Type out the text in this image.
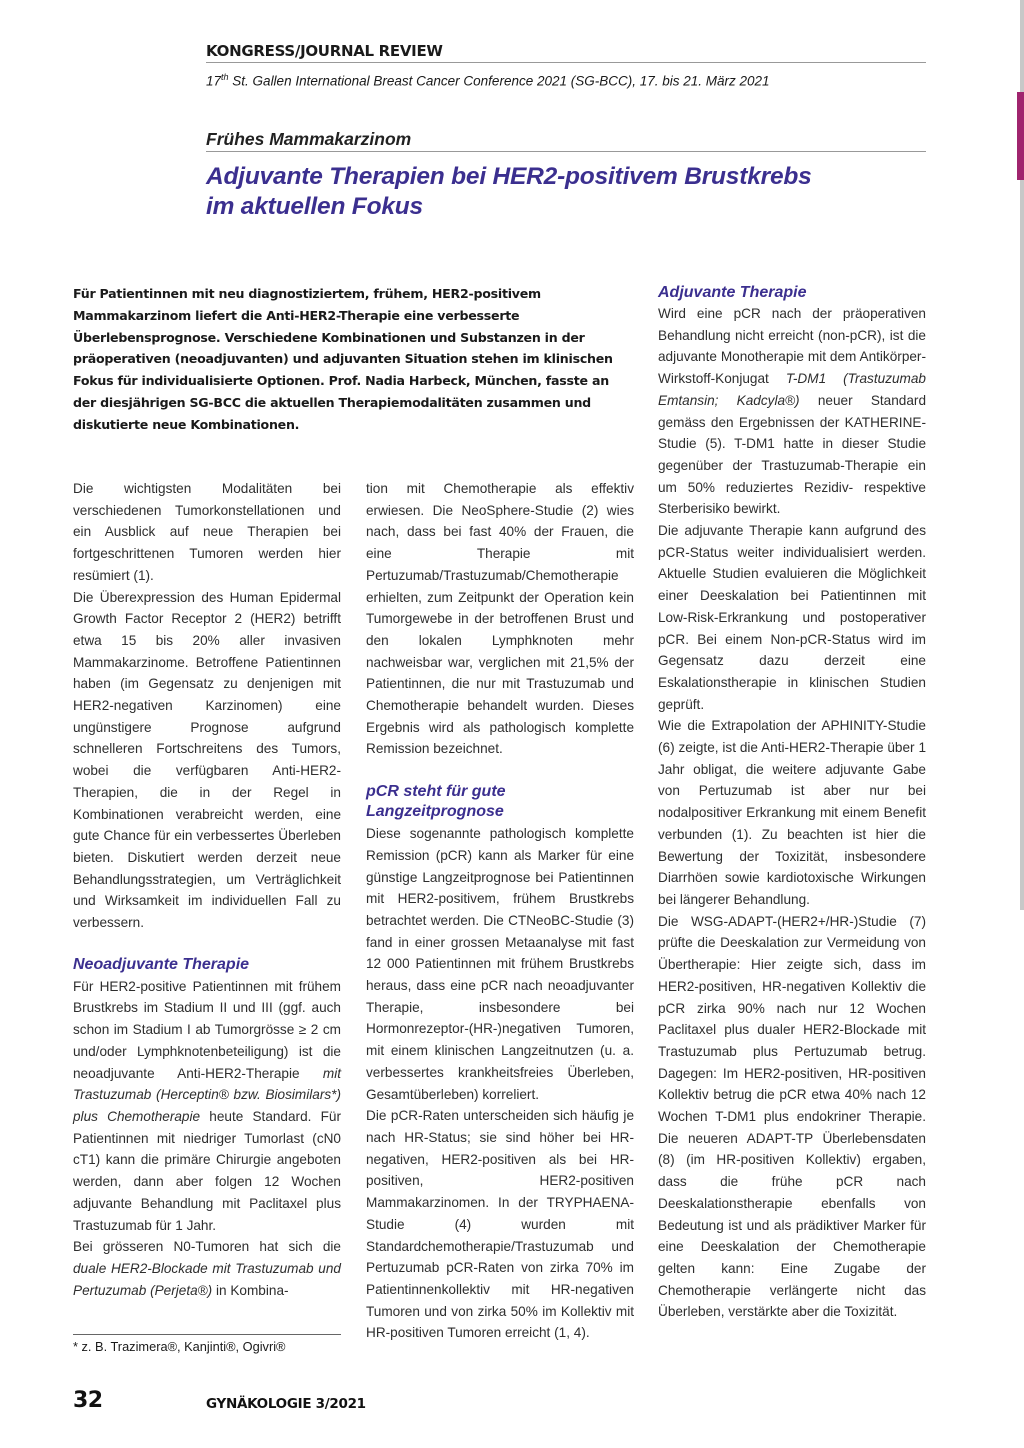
KONGRESS/JOURNAL REVIEW
17th St. Gallen International Breast Cancer Conference 2021 (SG-BCC), 17. bis 21. März 2021
Frühes Mammakarzinom
Adjuvante Therapien bei HER2-positivem Brustkrebs
im aktuellen Fokus
Für Patientinnen mit neu diagnostiziertem, frühem, HER2-positivem Mammakarzinom liefert die Anti-HER2-Therapie eine verbesserte Überlebensprognose. Verschiedene Kombinationen und Substanzen in der präoperativen (neoadjuvanten) und adjuvanten Situation stehen im klinischen Fokus für individualisierte Optionen. Prof. Nadia Harbeck, München, fasste an der diesjährigen SG-BCC die aktuellen Therapiemodalitäten zusammen und diskutierte neue Kombinationen.

Die wichtigsten Modalitäten bei verschiedenen Tumorkonstellationen und ein Ausblick auf neue Therapien bei fortgeschrittenen Tumoren werden hier resümiert (1).

Die Überexpression des Human Epidermal Growth Factor Receptor 2 (HER2) betrifft etwa 15 bis 20% aller invasiven Mammakarzinome. Betroffene Patientinnen haben (im Gegensatz zu denjenigen mit HER2-negativen Karzinomen) eine ungünstigere Prognose aufgrund schnelleren Fortschreitens des Tumors, wobei die verfügbaren Anti-HER2-Therapien, die in der Regel in Kombinationen verabreicht werden, eine gute Chance für ein verbessertes Überleben bieten. Diskutiert werden derzeit neue Behandlungsstrategien, um Verträglichkeit und Wirksamkeit im individuellen Fall zu verbessern.

Neoadjuvante Therapie

Für HER2-positive Patientinnen mit frühem Brustkrebs im Stadium II und III (ggf. auch schon im Stadium I ab Tumorgrösse ≥ 2 cm und/oder Lymphknotenbeteiligung) ist die neoadjuvante Anti-HER2-Therapie mit Trastuzumab (Herceptin® bzw. Biosimilars*) plus Chemotherapie heute Standard. Für Patientinnen mit niedriger Tumorlast (cN0 cT1) kann die primäre Chirurgie angeboten werden, dann aber folgen 12 Wochen adjuvante Behandlung mit Paclitaxel plus Trastuzumab für 1 Jahr.

Bei grösseren N0-Tumoren hat sich die duale HER2-Blockade mit Trastuzumab und Pertuzumab (Perjeta®) in Kombina-

tion mit Chemotherapie als effektiv erwiesen. Die NeoSphere-Studie (2) wies nach, dass bei fast 40% der Frauen, die eine Therapie mit Pertuzumab/Trastuzumab/Chemotherapie erhielten, zum Zeitpunkt der Operation kein Tumorgewebe in der betroffenen Brust und den lokalen Lymphknoten mehr nachweisbar war, verglichen mit 21,5% der Patientinnen, die nur mit Trastuzumab und Chemotherapie behandelt wurden. Dieses Ergebnis wird als pathologisch komplette Remission bezeichnet.

pCR steht für gute Langzeitprognose

Diese sogenannte pathologisch komplette Remission (pCR) kann als Marker für eine günstige Langzeitprognose bei Patientinnen mit HER2-positivem, frühem Brustkrebs betrachtet werden. Die CTNeoBC-Studie (3) fand in einer grossen Metaanalyse mit fast 12 000 Patientinnen mit frühem Brustkrebs heraus, dass eine pCR nach neoadjuvanter Therapie, insbesondere bei Hormonrezeptor-(HR-)negativen Tumoren, mit einem klinischen Langzeitnutzen (u. a. verbessertes krankheitsfreies Überleben, Gesamtüberleben) korreliert.

Die pCR-Raten unterscheiden sich häufig je nach HR-Status; sie sind höher bei HR-negativen, HER2-positiven als bei HR-positiven, HER2-positiven Mammakarzinomen. In der TRYPHAENA-Studie (4) wurden mit Standardchemotherapie/Trastuzumab und Pertuzumab pCR-Raten von zirka 70% im Patientinnenkollektiv mit HR-negativen Tumoren und von zirka 50% im Kollektiv mit HR-positiven Tumoren erreicht (1, 4).

Adjuvante Therapie

Wird eine pCR nach der präoperativen Behandlung nicht erreicht (non-pCR), ist die adjuvante Monotherapie mit dem Antikörper-Wirkstoff-Konjugat T-DM1 (Trastuzumab Emtansin; Kadcyla®) neuer Standard gemäss den Ergebnissen der KATHERINE-Studie (5). T-DM1 hatte in dieser Studie gegenüber der Trastuzumab-Therapie ein um 50% reduziertes Rezidiv- respektive Sterberisiko bewirkt.

Die adjuvante Therapie kann aufgrund des pCR-Status weiter individualisiert werden. Aktuelle Studien evaluieren die Möglichkeit einer Deeskalation bei Patientinnen mit Low-Risk-Erkrankung und postoperativer pCR. Bei einem Non-pCR-Status wird im Gegensatz dazu derzeit eine Eskalationstherapie in klinischen Studien geprüft.

Wie die Extrapolation der APHINITY-Studie (6) zeigte, ist die Anti-HER2-Therapie über 1 Jahr obligat, die weitere adjuvante Gabe von Pertuzumab ist aber nur bei nodalpositiver Erkrankung mit einem Benefit verbunden (1). Zu beachten ist hier die Bewertung der Toxizität, insbesondere Diarrhöen sowie kardiotoxische Wirkungen bei längerer Behandlung.

Die WSG-ADAPT-(HER2+/HR-)Studie (7) prüfte die Deeskalation zur Vermeidung von Übertherapie: Hier zeigte sich, dass im HER2-positiven, HR-negativen Kollektiv die pCR zirka 90% nach nur 12 Wochen Paclitaxel plus dualer HER2-Blockade mit Trastuzumab plus Pertuzumab betrug. Dagegen: Im HER2-positiven, HR-positiven Kollektiv betrug die pCR etwa 40% nach 12 Wochen T-DM1 plus endokriner Therapie. Die neueren ADAPT-TP Überlebensdaten (8) (im HR-positiven Kollektiv) ergaben, dass die frühe pCR nach Deeskalationstherapie ebenfalls von Bedeutung ist und als prädiktiver Marker für eine Deeskalation der Chemotherapie gelten kann: Eine Zugabe der Chemotherapie verlängerte nicht das Überleben, verstärkte aber die Toxizität.

* z. B. Trazimera®, Kanjinti®, Ogivri®
32	GYNÄKOLOGIE 3/2021
